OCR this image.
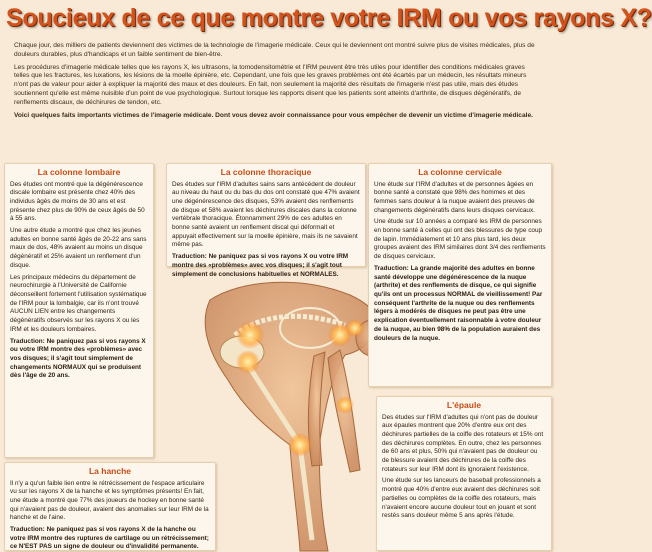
Soucieux de ce que montre votre IRM ou vos rayons X?

Chaque jour, des milliers de patients deviennent des victimes de la technologie de l'imagerie médicale. Ceux qui le deviennent ont montré suivre plus de visites médicales, plus de douleurs durables, plus d'handicaps et un faible sentiment de bien-être.

Les procédures d'imagerie médicale telles que les rayons X, les ultrasons, la tomodensitométrie et l'IRM peuvent être très utiles pour identifier des conditions médicales graves telles que les fractures, les luxations, les lésions de la moelle épinière, etc. Cependant, une fois que les graves problèmes ont été écartés par un médecin, les résultats mineurs n'ont pas de valeur pour aider à expliquer la majorité des maux et des douleurs. En fait, non seulement la majorité des résultats de l'imagerie n'est pas utile, mais des études soutiennent qu'elle est même nuisible d'un point de vue psychologique. Surtout lorsque les rapports disent que les patients sont atteints d'arthrite, de disques dégénératifs, de renflements discaux, de déchirures de tendon, etc.

Voici quelques faits importants victimes de l'imagerie médicale. Dont vous devez avoir connaissance pour vous empêcher de devenir un victime d'imagerie médicale.

La colonne lombaire

Des études ont montré que la dégénérescence discale lombaire est présente chez 40% des individus âgés de moins de 30 ans et est présente chez plus de 90% de ceux âgés de 50 à 55 ans.

Une autre étude a montré que chez les jeunes adultes en bonne santé âgés de 20-22 ans sans maux de dos, 48% avaient au moins un disque dégénératif et 25% avaient un renflement d'un disque.

Les principaux médecins du département de neurochirurgie à l'Université de Californie déconseillent fortement l'utilisation systématique de l'IRM pour la lombalgie, car ils n'ont trouvé AUCUN LIEN entre les changements dégénératifs observés sur les rayons X ou les IRM et les douleurs lombaires.

Traduction: Ne paniquez pas si vos rayons X ou votre IRM montre des «problèmes» avec vos disques; il s'agit tout simplement de changements NORMAUX qui se produisent dès l'âge de 20 ans.

La colonne thoracique

Des études sur l'IRM d'adultes sains sans antécédent de douleur au niveau du haut ou du bas du dos ont constaté que 47% avaient une dégénérescence des disques, 53% avaient des renflements de disque et 58% avaient les déchirures discales dans la colonne vertébrale thoracique. Étonnamment 29% de ces adultes en bonne santé avaient un renflement discal qui déformait et appuyait effectivement sur la moelle épinière, mais ils ne savaient même pas.

Traduction: Ne paniquez pas si vos rayons X ou votre IRM montre des «problèmes» avec vos disques; il s'agit tout simplement de conclusions habituelles et NORMALES.

La colonne cervicale

Une étude sur l'IRM d'adultes et de personnes âgées en bonne santé a constaté que 98% des hommes et des femmes sans douleur à la nuque avaient des preuves de changements dégénératifs dans leurs disques cervicaux.

Une étude sur 10 années a comparé les IRM de personnes en bonne santé à celles qui ont des blessures de type coup de lapin. Immédiatement et 10 ans plus tard, les deux groupes avaient des IRM similaires dont 3/4 des renflements de disques cervicaux.

Traduction: La grande majorité des adultes en bonne santé développe une dégénérescence de la nuque (arthrite) et des renflements de disque, ce qui signifie qu'ils ont un processus NORMAL de vieillissement! Par conséquent l'arthrite de la nuque ou des renflements légers à modérés de disques ne peut pas être une explication éventuellement raisonnable à votre douleur de la nuque, au bien 98% de la population auraient des douleurs de la nuque.

La hanche

Il n'y a qu'un faible lien entre le rétrécissement de l'espace articulaire vu sur les rayons X de la hanche et les symptômes présents! En fait, une étude a montré que 77% des joueurs de hockey en bonne santé qui n'avaient pas de douleur, avaient des anomalies sur leur IRM de la hanche et de l'aine.

Traduction: Ne paniquez pas si vos rayons X de la hanche ou votre IRM montre des ruptures de cartilage ou un rétrécissement; ce N'EST PAS un signe de douleur ou d'invalidité permanente.

L'épaule

Des études sur l'IRM d'adultes qui n'ont pas de douleur aux épaules montrent que 20% d'entre eux ont des déchirures partielles de la coiffe des rotateurs et 15% ont des déchirures complètes. En outre, chez les personnes de 60 ans et plus, 50% qui n'avaient pas de douleur ou de blessure avaient des déchirures de la coiffe des rotateurs sur leur IRM dont ils ignoraient l'existence.

Une étude sur les lanceurs de baseball professionnels a montré que 40% d'entre eux avaient des déchirures soit partielles ou complètes de la coiffe des rotateurs, mais n'avaient encore aucune douleur tout en jouant et sont restés sans douleur même 5 ans après l'étude.
